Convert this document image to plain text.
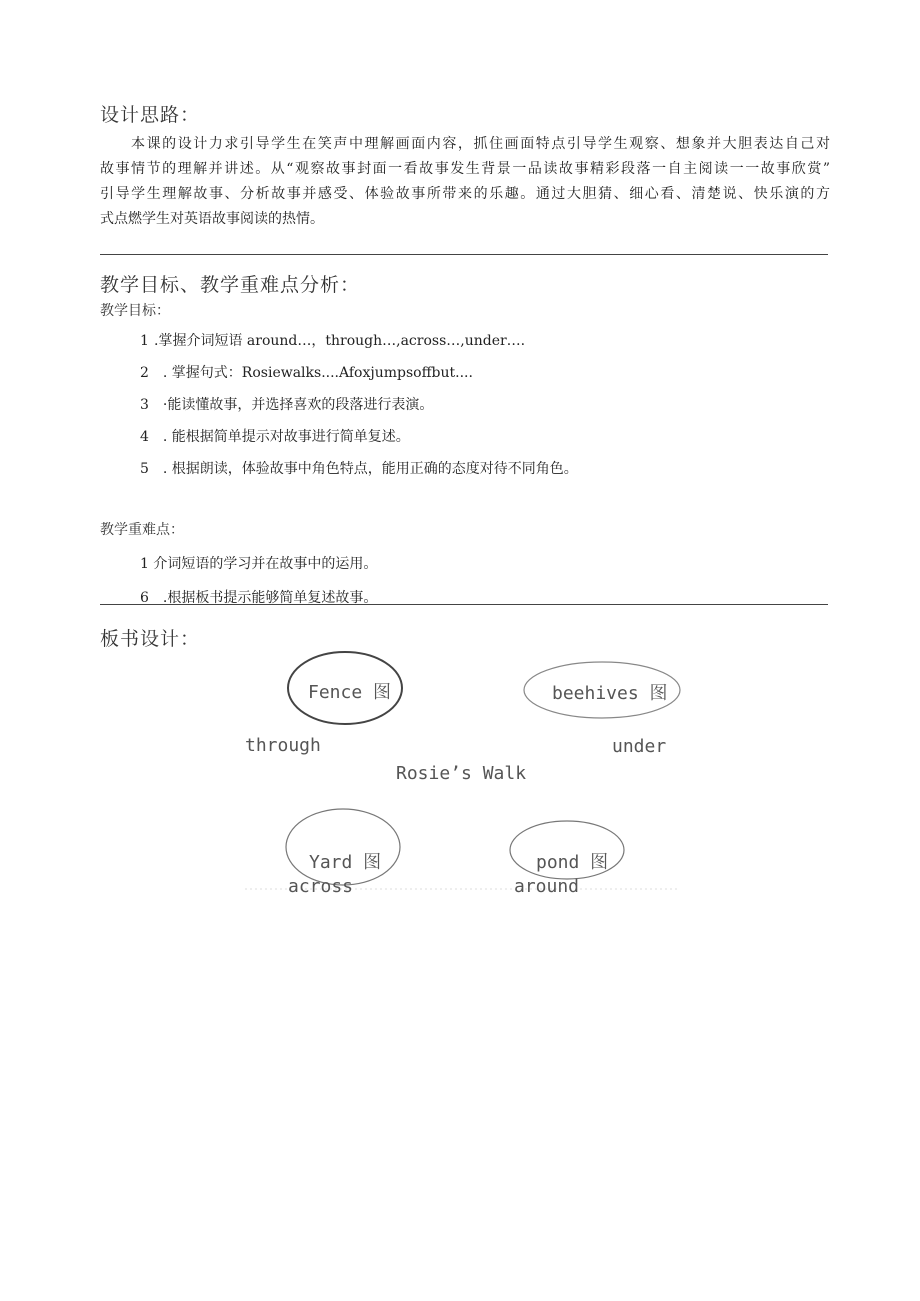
设计思路：

本课的设计力求引导学生在笑声中理解画面内容，抓住画面特点引导学生观察、想象并大胆表达自己对

故事情节的理解并讲述。从“观察故事封面一看故事发生背景一品读故事精彩段落一自主阅读一一故事欣赏”

引导学生理解故事、分析故事并感受、体验故事所带来的乐趣。通过大胆猜、细心看、清楚说、快乐演的方

式点燃学生对英语故事阅读的热情。

教学目标、教学重难点分析：
教学目标：
1 .掌握介词短语 around…，through…,across…,under….
2 . 掌握句式：Rosiewalks....Afoxjumpsoffbut....
3 ·能读懂故事，并选择喜欢的段落进行表演。
4 . 能根据简单提示对故事进行简单复述。
5 . 根据朗读，体验故事中角色特点，能用正确的态度对待不同角色。
教学重难点：
1 介词短语的学习并在故事中的运用。
6 .根据板书提示能够简单复述故事。
板书设计：
Fence 图	beehives 图
Yard 图	pond 图
through	under
Rosie’s Walk
across	around
